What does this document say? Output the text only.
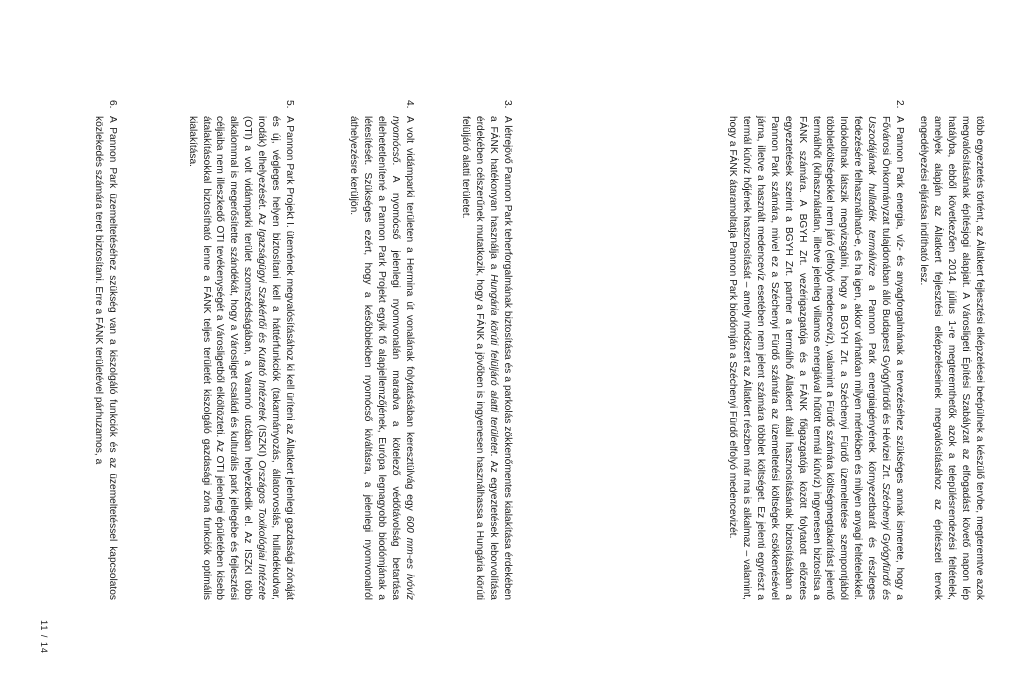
több egyeztetés történt, az Állatkert fejlesztési elképzelései beépülnek a készülő tervbe, megteremtve azok megvalósításának építésjogi alapjait. A Városligeti Építési Szabályzat az elfogadást követő napon lép hatályba, ebből következően 2014. július 1-re megteremthetők azok a településrendezési feltételek, amelyek alapján az Állatkert fejlesztési elképzeléseinek megvalósításához az építészeti tervek engedélyezési eljárása indítható lesz.

2.
A Pannon Park energia, víz- és anyagforgalmának a tervezéséhez szükséges annak ismerete, hogy a Fővárosi Önkormányzat tulajdonában álló Budapest Gyógyfürdői és Hévizei Zrt. Széchenyi Gyógyfürdő és Uszodájának hulladék termálvize a Pannon Park energiaigényének környezetbarát és részleges fedezésére felhasználható-e, és ha igen, akkor várhatóan milyen mértékben és milyen anyagi feltételekkel. Indokoltnak látszik megvizsgálni, hogy a BGYH Zrt. a Széchenyi Fürdő üzemeltetése szempontjából többletköltségekkel nem járó (elfolyó medencevíz), valamint a Fürdő számára költségmegtakarítást jelentő termálhőt (kihasználatlan, illetve jelenleg villamos energiával hűtött termál kútvíz) ingyenesen biztosítsa a FÁNK számára. A BGYH Zrt. vezérigazgatója és a FÁNK főigazgatója között folytatott előzetes egyeztetések szerint a BGYH Zrt. partner a termálhő Állatkert általi hasznosításának biztosításában a Pannon Park számára, mivel ez a Széchenyi Fürdő számára az üzemeltetési költségek csökkenésével járna, illetve a használt medencevíz esetében nem jelent számára többlet költséget. Ez jelenti egyrészt a termál kútvíz hőjének hasznosítását – amely módszert az Állatkert részben már ma is alkalmaz – valamint, hogy a FÁNK átaramoltatja Pannon Park biodómján a Széchenyi Fürdő elfolyó medencevizét.

3.
A létrejövő Pannon Park teherforgalmának biztosítása és a parkolás zökkenőmentes kialakítása érdekében a FÁNK hatékonyan használja a Hungária körúti felüljáró alatti területet. Az egyeztetések leborvolítása érdekében célszerűnek mutatkozik, hogy a FÁNK a jövőben is ingyenesen használhassa a Hungária körúti felüljáró alatti területet.

4.
A volt vidámparki területen a Hermina út vonalának folytatásában keresztülvág egy 600 mm-es ivóvíz nyomócső. A nyomócső jelenlegi nyomvonalán maradva a kötelező védőtávolság betartása ellehetetlenítené a Pannon Park Projekt egyik fő alapjellemzőjének, Európa legnagyobb biodómjának a létesítését. Szükséges ezért, hogy a későbbiekben nyomócső kiváltásra, a jelenlegi nyomvonalról áthelyezésre kerüljön.

5.
A Pannon Park Projekt I. ütemének megvalósításához ki kell üríteni az Állatkert jelenlegi gazdasági zónáját és új, végleges helyen biztosítani kell a háttérfunkciók (takarmányozás, állatorvoslás, hulladékudvar, irodák) elhelyezését. Az Igazságügyi Szakértői és Kutató Intézetek (ISZKI) Országos Toxikológiai Intézete (OTI) a volt vidámparki terület szomszédságában, a Varannó utcában helyezkedik el. Az ISZKI több alkalommal is megerősítette szándékát, hogy a Városliget családi és kulturális park jellegébe és fejlesztési céljaiba nem illeszkedő OTI tevékenységét a Városligetből elköltözteti. Az OTI jelenlegi épületében kisebb átalakításokkal biztosítható lenne a FÁNK teljes területét kiszolgáló gazdasági zóna funkciók optimális kialakítása.

6.
A Pannon Park üzemeltetéséhez szükség van a kiszolgáló funkciók és az üzemeltetéssel kapcsolatos közlekedés számára teret biztosítani. Erre a FÁNK területével párhuzamos, a

11 / 14
